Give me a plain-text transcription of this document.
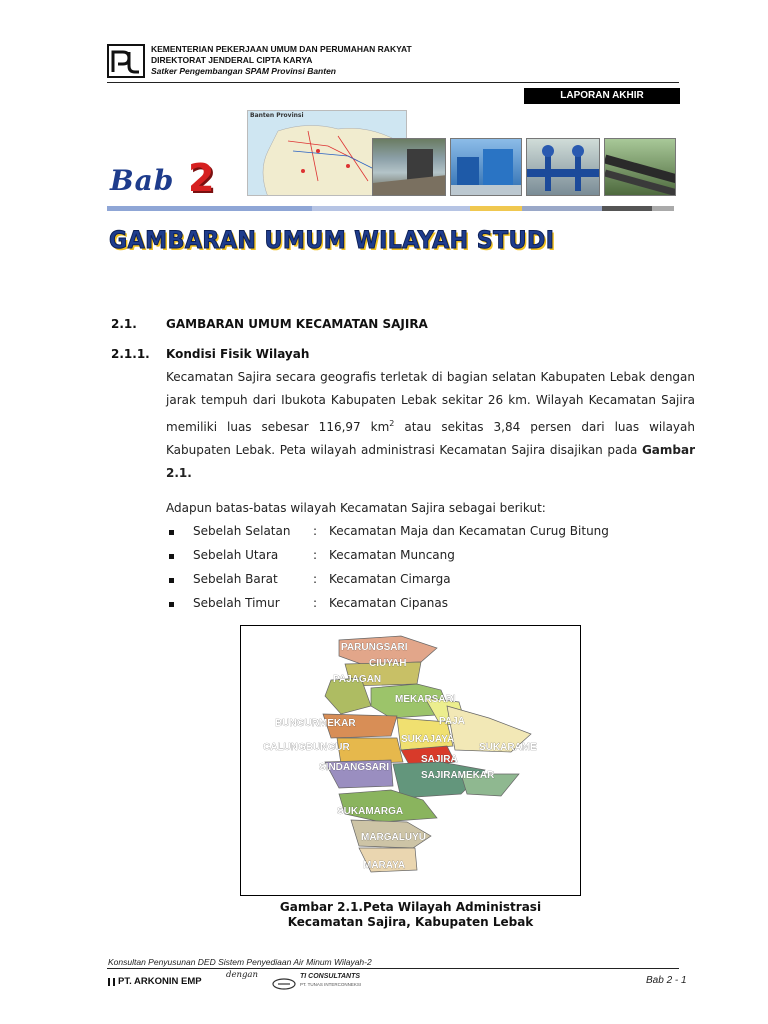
KEMENTERIAN PEKERJAAN UMUM DAN PERUMAHAN RAKYAT
DIREKTORAT JENDERAL CIPTA KARYA
Satker Pengembangan SPAM Provinsi Banten
LAPORAN AKHIR
Banten Provinsi
Bab 2
GAMBARAN UMUM WILAYAH STUDI
2.1. GAMBARAN UMUM KECAMATAN SAJIRA
2.1.1. Kondisi Fisik Wilayah
Kecamatan Sajira secara geografis terletak di bagian selatan Kabupaten Lebak dengan jarak tempuh dari Ibukota Kabupaten Lebak sekitar 26 km. Wilayah Kecamatan Sajira memiliki luas sebesar 116,97 $km^2$ atau sekitas 3,84 persen dari luas wilayah Kabupaten Lebak. Peta wilayah administrasi Kecamatan Sajira disajikan pada Gambar 2.1.
Adapun batas-batas wilayah Kecamatan Sajira sebagai berikut:
Sebelah Selatan : Kecamatan Maja dan Kecamatan Curug Bitung
Sebelah Utara	: Kecamatan Muncang
Sebelah Barat	: Kecamatan Cimarga
Sebelah Timur	: Kecamatan Cipanas
PARUNGSARI
CIUYAH
PAJAGAN
MEKARSARI
PAJA
BUNGURMEKAR
SUKAJAYA
SUKARAME
CALUNGBUNGUR
SAJIRA
SINDANGSARI
SAJIRAMEKAR
SUKAMARGA
MARGALUYU
MARAYA
Gambar 2.1.Peta Wilayah Administrasi
Kecamatan Sajira, Kabupaten Lebak
Konsultan Penyusunan DED Sistem Penyediaan Air Minum Wilayah-2
PT. ARKONIN EMP
dengan	TI CONSULTANTS
PT. TUNAS INTERCONNEKSI	Bab 2 - 1
